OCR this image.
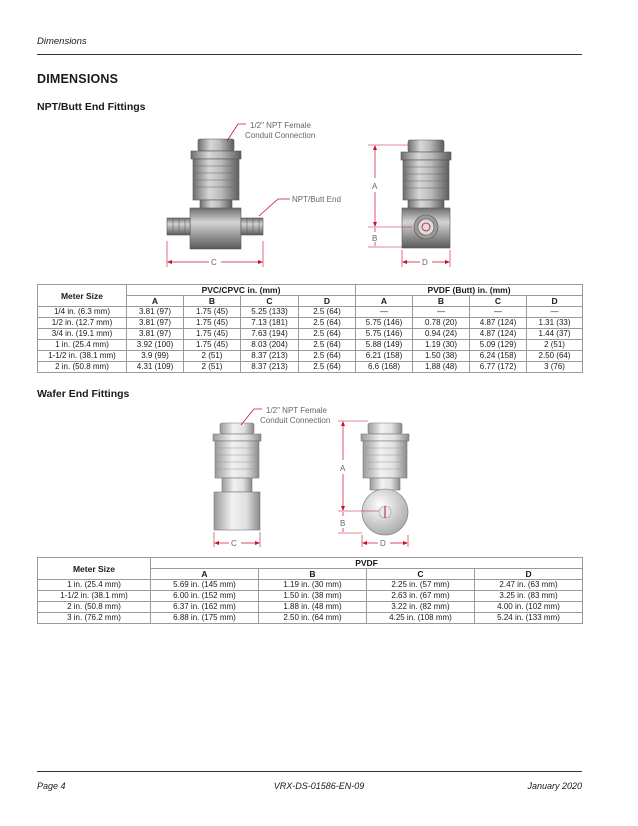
Dimensions
DIMENSIONS
NPT/Butt End Fittings
1/2" NPT Female
Conduit Connection
NPT/Butt End
C
A
B
D
Meter Size	PVC/CPVC in. (mm)				PVDF (Butt) in. (mm)			
	A	B	C	D	A	B	C	D
1/4 in. (6.3 mm)	3.81 (97)	1.75 (45)	5.25 (133)	2.5 (64)	—	—	—	—
1/2 in. (12.7 mm)	3.81 (97)	1.75 (45)	7.13 (181)	2.5 (64)	5.75 (146)	0.78 (20)	4.87 (124)	1.31 (33)
3/4 in. (19.1 mm)	3.81 (97)	1.75 (45)	7.63 (194)	2.5 (64)	5.75 (146)	0.94 (24)	4.87 (124)	1.44 (37)
1 in. (25.4 mm)	3.92 (100)	1.75 (45)	8.03 (204)	2.5 (64)	5.88 (149)	1.19 (30)	5.09 (129)	2 (51)
1-1/2 in. (38.1 mm)	3.9 (99)	2 (51)	8.37 (213)	2.5 (64)	6.21 (158)	1.50 (38)	6.24 (158)	2.50 (64)
2 in. (50.8 mm)	4.31 (109)	2 (51)	8.37 (213)	2.5 (64)	6.6 (168)	1.88 (48)	6.77 (172)	3 (76)
Wafer End Fittings
1/2" NPT Female
Conduit Connection
C
A
B
D
Meter Size	PVDF			
	A	B	C	D
1 in. (25.4 mm)	5.69 in. (145 mm)	1.19 in. (30 mm)	2.25 in. (57 mm)	2.47 in. (63 mm)
1-1/2 in. (38.1 mm)	6.00 in. (152 mm)	1.50 in. (38 mm)	2.63 in. (67 mm)	3.25 in. (83 mm)
2 in. (50.8 mm)	6.37 in. (162 mm)	1.88 in. (48 mm)	3.22 in. (82 mm)	4.00 in. (102 mm)
3 in. (76.2 mm)	6.88 in. (175 mm)	2.50 in. (64 mm)	4.25 in. (108 mm)	5.24 in. (133 mm)
Page 4	VRX-DS-01586-EN-09	January 2020
